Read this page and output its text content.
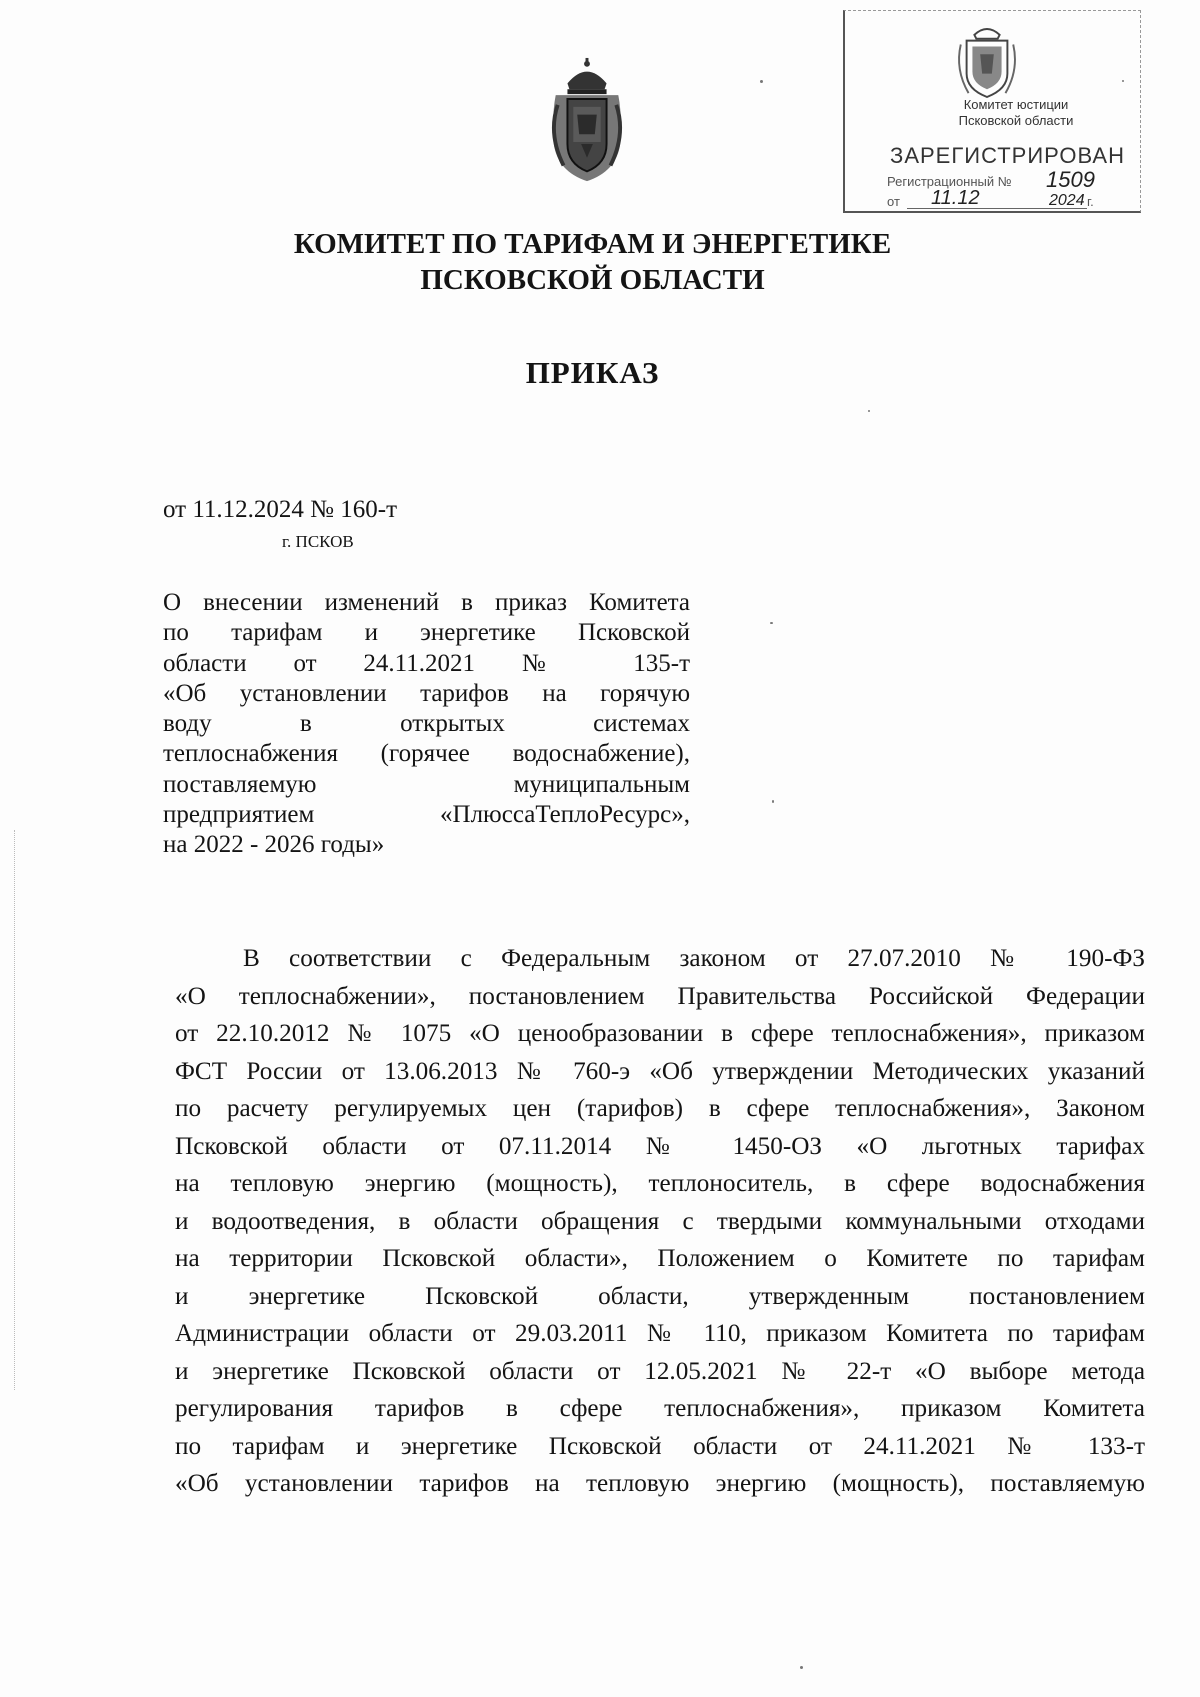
Комитет юстиции
Псковской области
ЗАРЕГИСТРИРОВАН
Регистрационный № 1509
от 11.12	2024 г.
КОМИТЕТ ПО ТАРИФАМ И ЭНЕРГЕТИКЕ
ПСКОВСКОЙ ОБЛАСТИ
ПРИКАЗ
от 11.12.2024 № 160-т
г. ПСКОВ
О внесении изменений в приказ Комитета
по тарифам и энергетике Псковской
области от 24.11.2021 № 135-т
«Об установлении тарифов на горячую
воду в открытых системах
теплоснабжения (горячее водоснабжение),
поставляемую муниципальным
предприятием «ПлюссаТеплоРесурс»,
на 2022 - 2026 годы»
В соответствии с Федеральным законом от 27.07.2010 № 190-ФЗ
«О теплоснабжении», постановлением Правительства Российской Федерации
от 22.10.2012 № 1075 «О ценообразовании в сфере теплоснабжения», приказом
ФСТ России от 13.06.2013 № 760-э «Об утверждении Методических указаний
по расчету регулируемых цен (тарифов) в сфере теплоснабжения», Законом
Псковской области от 07.11.2014 № 1450-ОЗ «О льготных тарифах
на тепловую энергию (мощность), теплоноситель, в сфере водоснабжения
и водоотведения, в области обращения с твердыми коммунальными отходами
на территории Псковской области», Положением о Комитете по тарифам
и энергетике Псковской области, утвержденным постановлением
Администрации области от 29.03.2011 № 110, приказом Комитета по тарифам
и энергетике Псковской области от 12.05.2021 № 22-т «О выборе метода
регулирования тарифов в сфере теплоснабжения», приказом Комитета
по тарифам и энергетике Псковской области от 24.11.2021 № 133-т
«Об установлении тарифов на тепловую энергию (мощность), поставляемую
